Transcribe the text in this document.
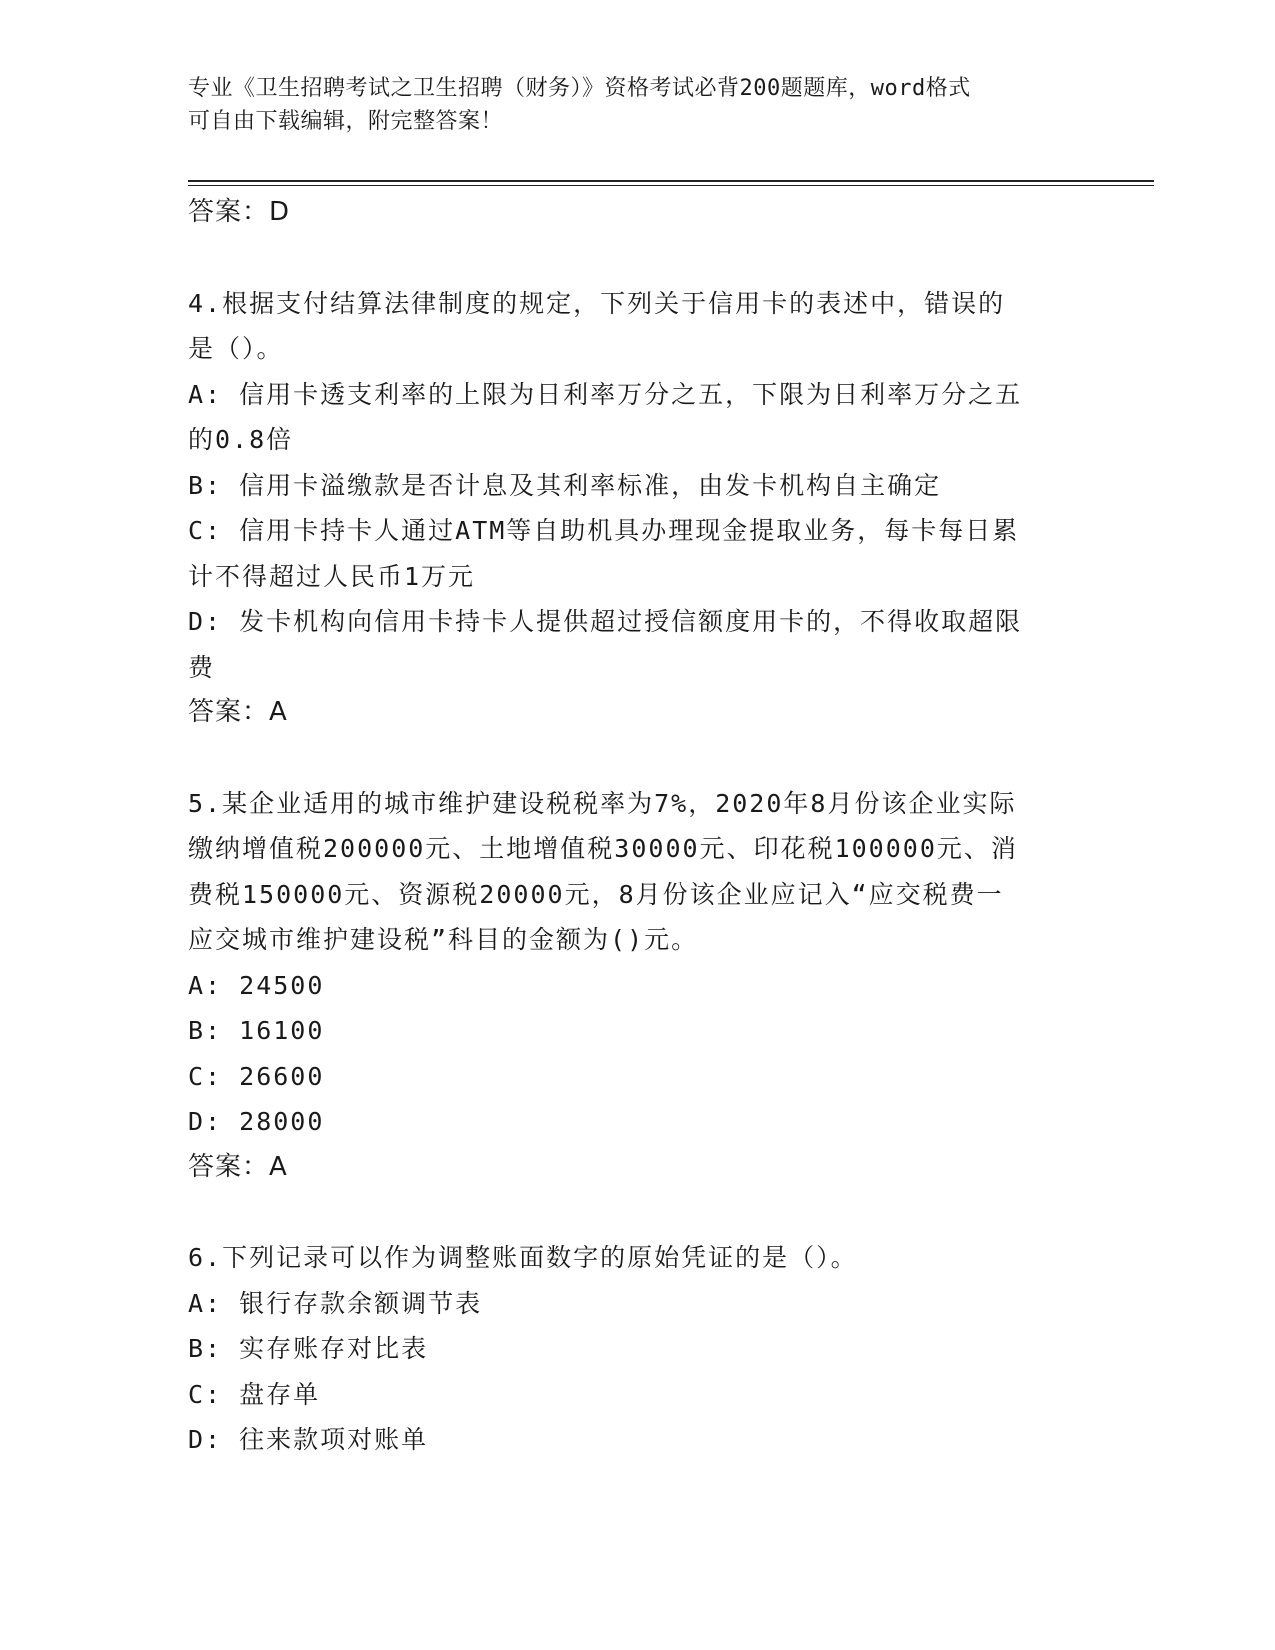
专业《卫生招聘考试之卫生招聘（财务）》资格考试必背200题题库，word格式
可自由下载编辑，附完整答案！
答案：D
4.根据支付结算法律制度的规定，下列关于信用卡的表述中，错误的
是（）。
A: 信用卡透支利率的上限为日利率万分之五，下限为日利率万分之五
的0.8倍
B: 信用卡溢缴款是否计息及其利率标准，由发卡机构自主确定
C: 信用卡持卡人通过ATM等自助机具办理现金提取业务，每卡每日累
计不得超过人民币1万元
D: 发卡机构向信用卡持卡人提供超过授信额度用卡的，不得收取超限
费
答案：A
5.某企业适用的城市维护建设税税率为7%，2020年8月份该企业实际
缴纳增值税200000元、土地增值税30000元、印花税100000元、消
费税150000元、资源税20000元，8月份该企业应记入“应交税费一
应交城市维护建设税”科目的金额为()元。
A: 24500
B: 16100
C: 26600
D: 28000
答案：A
6.下列记录可以作为调整账面数字的原始凭证的是（）。
A: 银行存款余额调节表
B: 实存账存对比表
C: 盘存单
D: 往来款项对账单
